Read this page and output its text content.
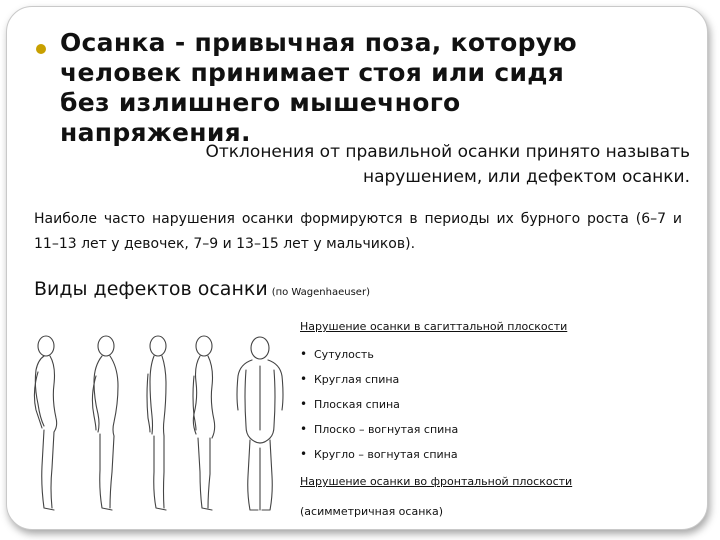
Осанка - привычная поза, которую
человек принимает стоя или сидя
без излишнего мышечного
напряжения.
Отклонения от правильной осанки принято называть
нарушением, или дефектом осанки.
Наиболе часто нарушения осанки формируются в периоды их бурного роста (6–7 и 11–13 лет у девочек, 7–9 и 13–15 лет у мальчиков).
Виды дефектов осанки (по Wagenhaeuser)

Нарушение осанки в сагиттальной плоскости

• Сутулость
• Круглая спина
• Плоская спина
• Плоско – вогнутая спина
• Кругло – вогнутая спина

Нарушение осанки во фронтальной плоскости

(асимметричная осанка)
